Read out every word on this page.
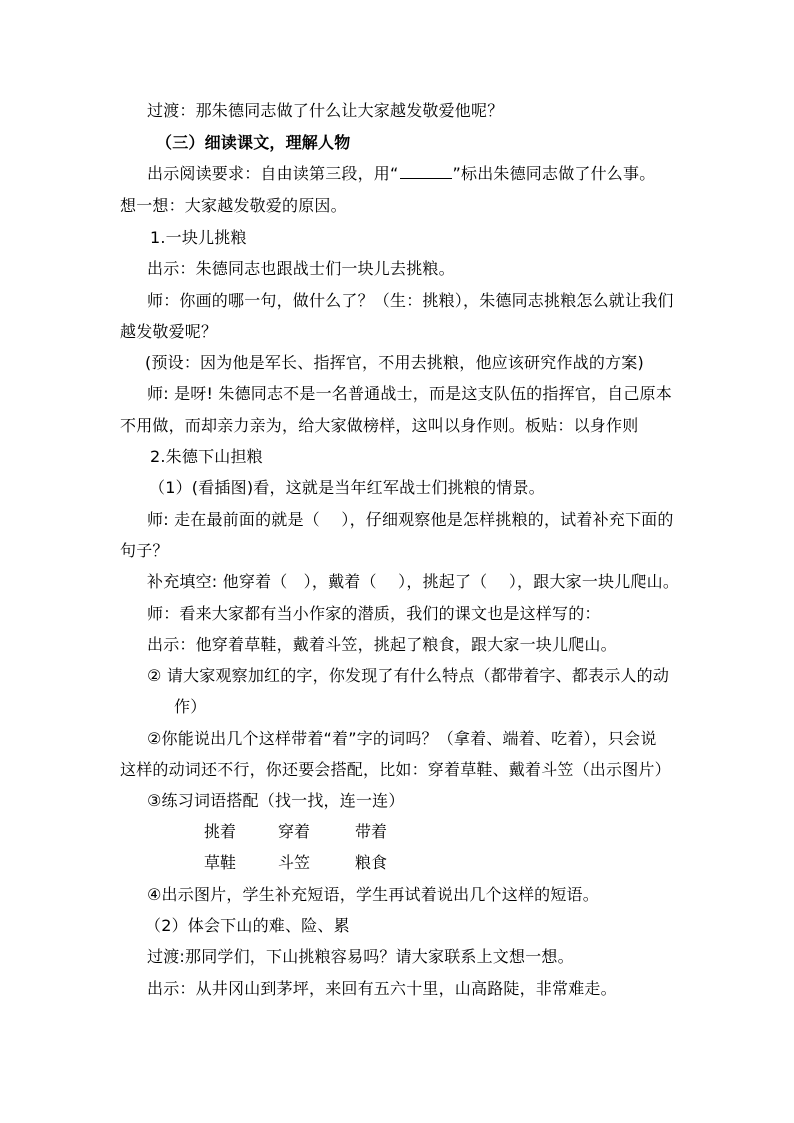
过渡：那朱德同志做了什么让大家越发敬爱他呢？
（三）细读课文，理解人物
出示阅读要求：自由读第三段，用“	”标出朱德同志做了什么事。
想一想：大家越发敬爱的原因。
1.一块儿挑粮
出示：朱德同志也跟战士们一块儿去挑粮。
师：你画的哪一句，做什么了？（生：挑粮），朱德同志挑粮怎么就让我们
越发敬爱呢？
(预设：因为他是军长、指挥官，不用去挑粮，他应该研究作战的方案)
师: 是呀! 朱德同志不是一名普通战士，而是这支队伍的指挥官，自己原本
不用做，而却亲力亲为，给大家做榜样，这叫以身作则。板贴：以身作则
2.朱德下山担粮
（1）(看插图)看，这就是当年红军战士们挑粮的情景。
师: 走在最前面的就是（　 ），仔细观察他是怎样挑粮的，试着补充下面的
句子？
补充填空: 他穿着（　），戴着（　 ），挑起了（　 ），跟大家一块儿爬山。
师：看来大家都有当小作家的潜质，我们的课文也是这样写的：
出示：他穿着草鞋，戴着斗笠，挑起了粮食，跟大家一块儿爬山。
② 请大家观察加红的字，你发现了有什么特点（都带着字、都表示人的动
作）
②你能说出几个这样带着“着”字的词吗？（拿着、端着、吃着），只会说
这样的动词还不行，你还要会搭配，比如：穿着草鞋、戴着斗笠（出示图片）
③练习词语搭配（找一找，连一连）
挑着	穿着	带着
草鞋	斗笠	粮食
④出示图片，学生补充短语，学生再试着说出几个这样的短语。
（2）体会下山的难、险、累
过渡:那同学们，下山挑粮容易吗？请大家联系上文想一想。
出示：从井冈山到茅坪，来回有五六十里，山高路陡，非常难走。
